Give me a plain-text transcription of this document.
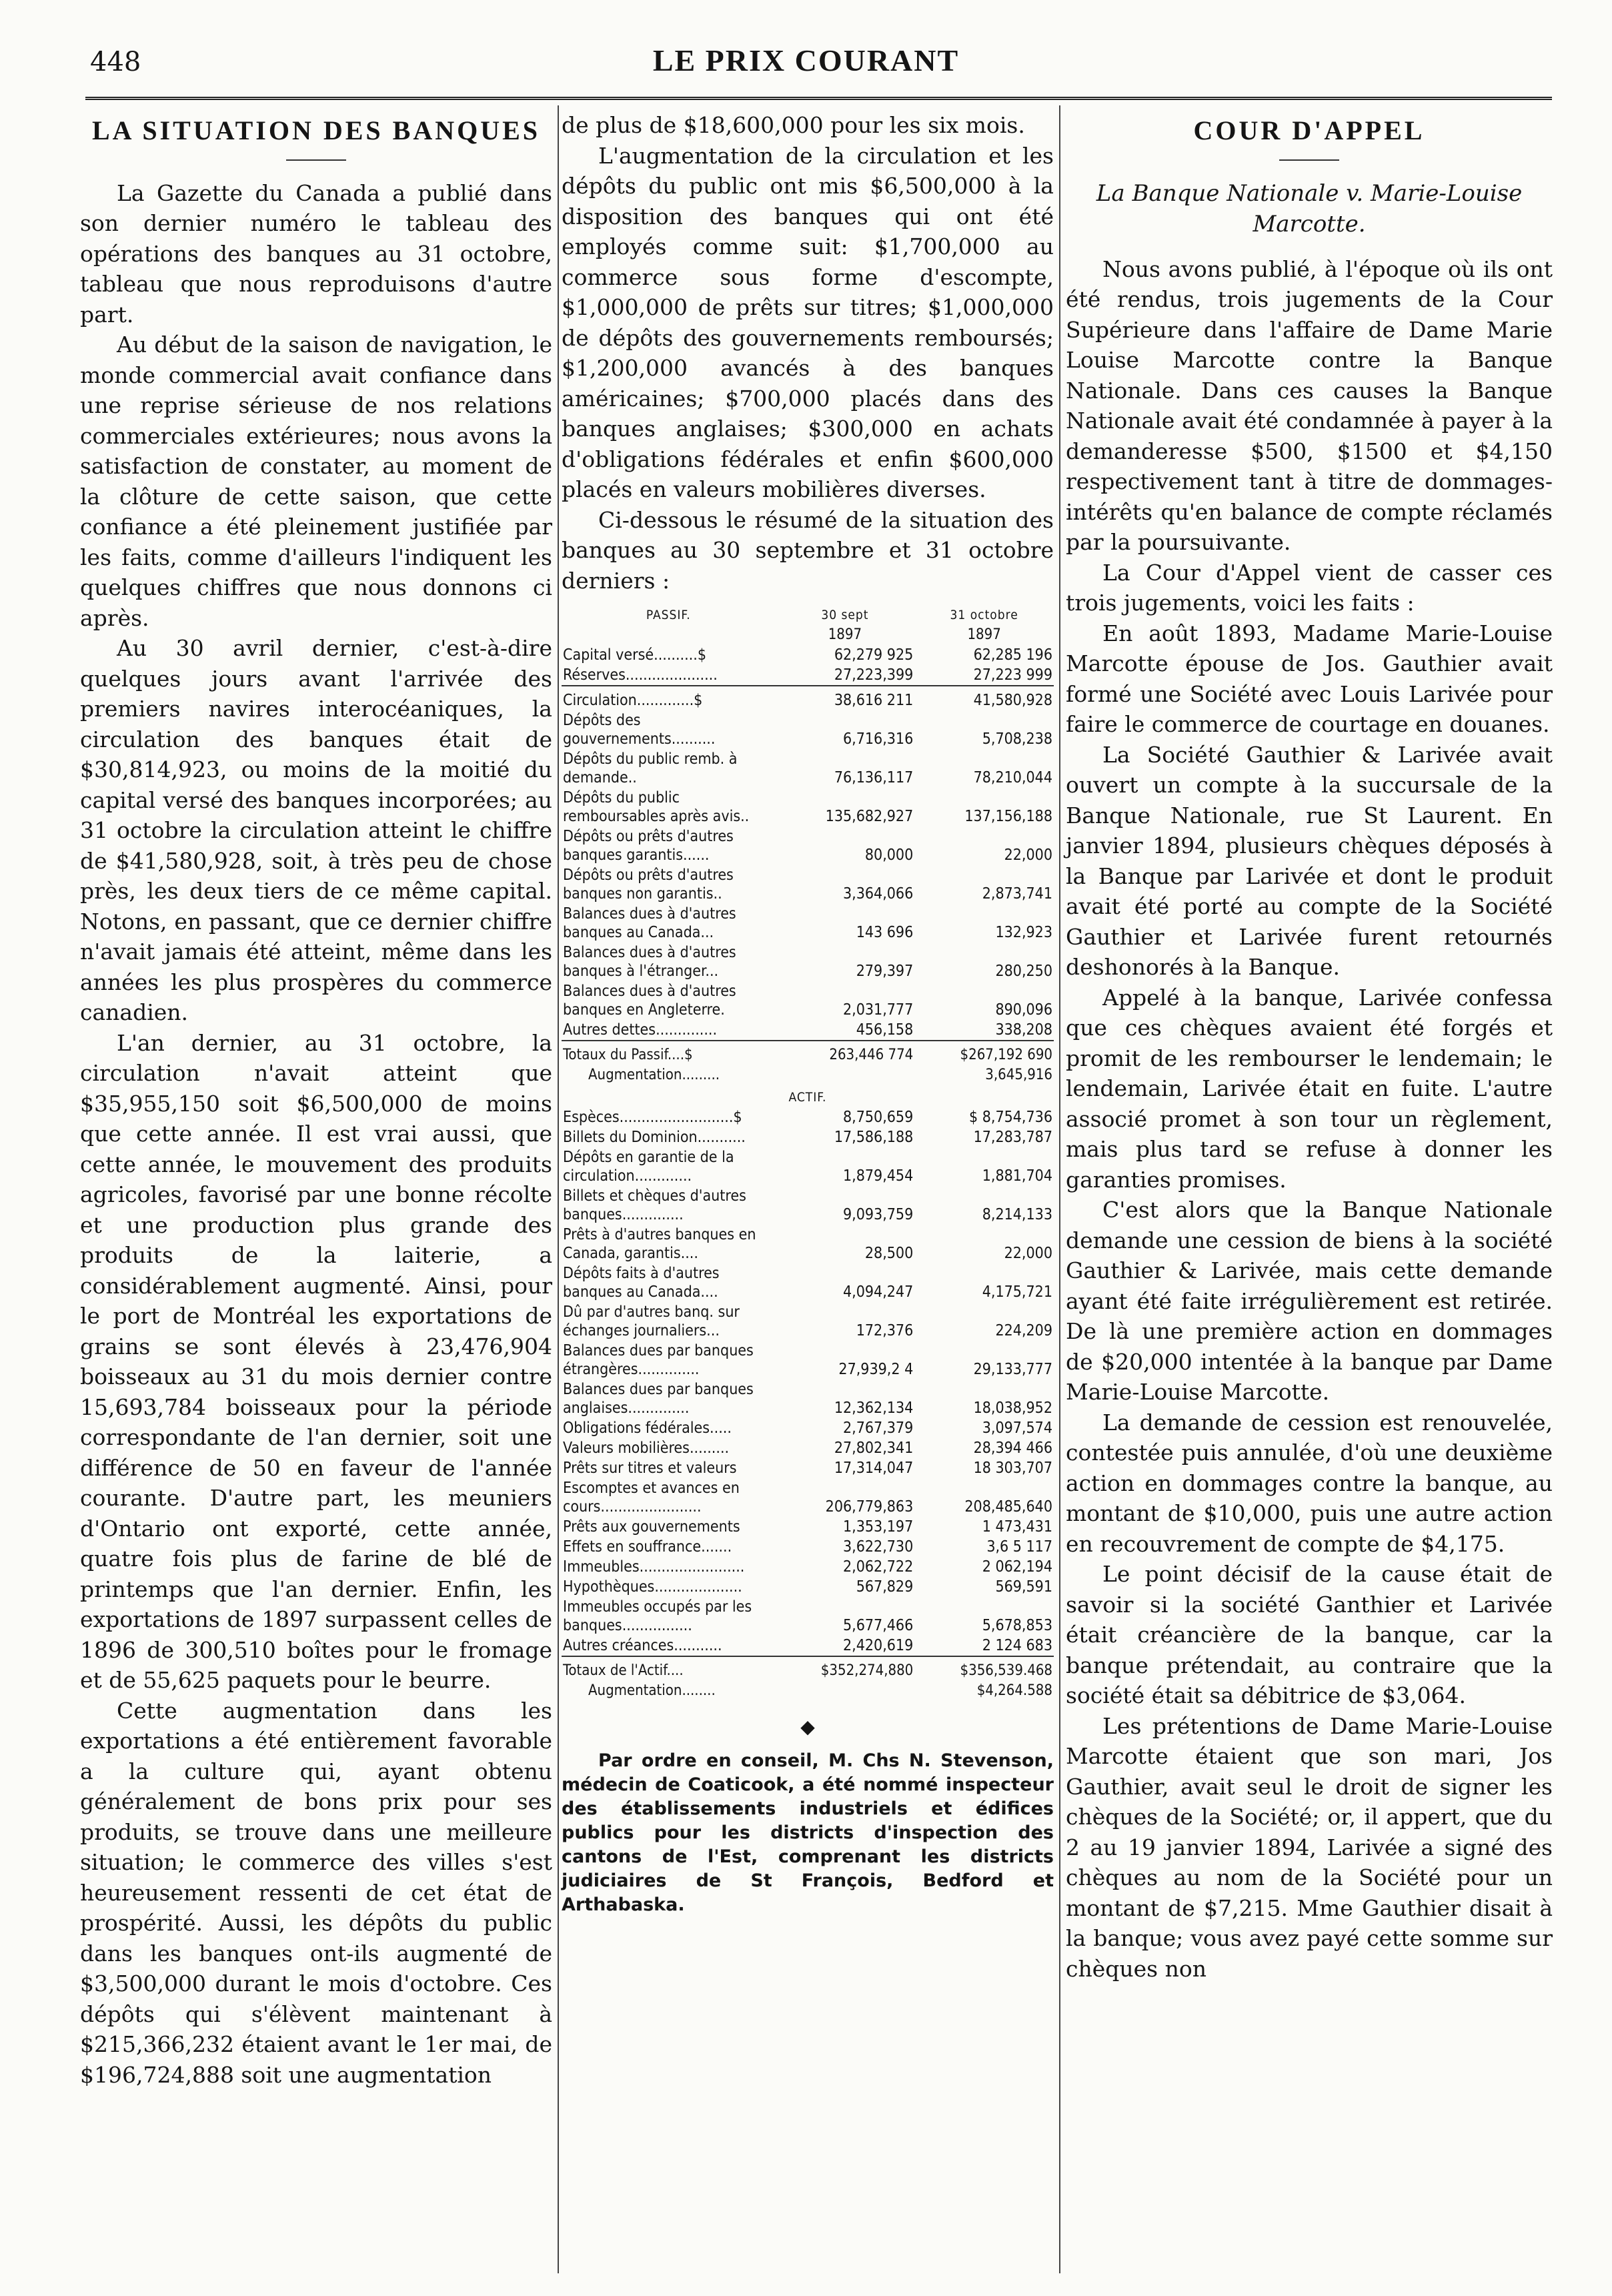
448	LE PRIX COURANT
LA SITUATION DES BANQUES

La Gazette du Canada a publié dans son dernier numéro le tableau des opérations des banques au 31 octobre, tableau que nous reproduisons d'autre part.

Au début de la saison de navigation, le monde commercial avait confiance dans une reprise sérieuse de nos relations commerciales extérieures; nous avons la satisfaction de constater, au moment de la clôture de cette saison, que cette confiance a été pleinement justifiée par les faits, comme d'ailleurs l'indiquent les quelques chiffres que nous donnons ci après.

Au 30 avril dernier, c'est-à-dire quelques jours avant l'arrivée des premiers navires interocéaniques, la circulation des banques était de $30,814,923, ou moins de la moitié du capital versé des banques incorporées; au 31 octobre la circulation atteint le chiffre de $41,580,928, soit, à très peu de chose près, les deux tiers de ce même capital. Notons, en passant, que ce dernier chiffre n'avait jamais été atteint, même dans les années les plus prospères du commerce canadien.

L'an dernier, au 31 octobre, la circulation n'avait atteint que $35,955,150 soit $6,500,000 de moins que cette année. Il est vrai aussi, que cette année, le mouvement des produits agricoles, favorisé par une bonne récolte et une production plus grande des produits de la laiterie, a considérablement augmenté. Ainsi, pour le port de Montréal les exportations de grains se sont élevés à 23,476,904 boisseaux au 31 du mois dernier contre 15,693,784 boisseaux pour la période correspondante de l'an dernier, soit une différence de 50 en faveur de l'année courante. D'autre part, les meuniers d'Ontario ont exporté, cette année, quatre fois plus de farine de blé de printemps que l'an dernier. Enfin, les exportations de 1897 surpassent celles de 1896 de 300,510 boîtes pour le fromage et de 55,625 paquets pour le beurre.

Cette augmentation dans les exportations a été entièrement favorable a la culture qui, ayant obtenu généralement de bons prix pour ses produits, se trouve dans une meilleure situation; le commerce des villes s'est heureusement ressenti de cet état de prospérité. Aussi, les dépôts du public dans les banques ont-ils augmenté de $3,500,000 durant le mois d'octobre. Ces dépôts qui s'élèvent maintenant à $215,366,232 étaient avant le 1er mai, de $196,724,888 soit une augmentation

de plus de $18,600,000 pour les six mois.

L'augmentation de la circulation et les dépôts du public ont mis $6,500,000 à la disposition des banques qui ont été employés comme suit: $1,700,000 au commerce sous forme d'escompte, $1,000,000 de prêts sur titres; $1,000,000 de dépôts des gouvernements remboursés; $1,200,000 avancés à des banques américaines; $700,000 placés dans des banques anglaises; $300,000 en achats d'obligations fédérales et enfin $600,000 placés en valeurs mobilières diverses.

Ci-dessous le résumé de la situation des banques au 30 septembre et 31 octobre derniers :

PASSIF.	30 sept	31 octobre
	1897	1897
Capital versé..........$	62,279 925	62,285 196
Réserves.....................	27,223,399	27,223 999

Circulation.............$	38,616 211	41,580,928
Dépôts des gouvernements..........	6,716,316	5,708,238
Dépôts du public remb. à demande..	76,136,117	78,210,044
Dépôts du public remboursables après avis..	135,682,927	137,156,188
Dépôts ou prêts d'autres banques garantis......	80,000	22,000
Dépôts ou prêts d'autres banques non garantis..	3,364,066	2,873,741
Balances dues à d'autres banques au Canada...	143 696	132,923
Balances dues à d'autres banques à l'étranger...	279,397	280,250
Balances dues à d'autres banques en Angleterre.	2,031,777	890,096
Autres dettes..............	456,158	338,208

Totaux du Passif....$	263,446 774	$267,192 690
Augmentation.........		3,645,916
ACTIF.		
Espèces..........................$	8,750,659	$ 8,754,736
Billets du Dominion...........	17,586,188	17,283,787
Dépôts en garantie de la circulation.............	1,879,454	1,881,704
Billets et chèques d'autres banques..............	9,093,759	8,214,133
Prêts à d'autres banques en Canada, garantis....	28,500	22,000
Dépôts faits à d'autres banques au Canada....	4,094,247	4,175,721
Dû par d'autres banq. sur échanges journaliers...	172,376	224,209
Balances dues par banques étrangères..............	27,939,2 4	29,133,777
Balances dues par banques anglaises..............	12,362,134	18,038,952
Obligations fédérales.....	2,767,379	3,097,574
Valeurs mobilières.........	27,802,341	28,394 466
Prêts sur titres et valeurs	17,314,047	18 303,707
Escomptes et avances en cours.......................	206,779,863	208,485,640
Prêts aux gouvernements	1,353,197	1 473,431
Effets en souffrance.......	3,622,730	3,6 5 117
Immeubles........................	2,062,722	2 062,194
Hypothèques....................	567,829	569,591
Immeubles occupés par les banques................	5,677,466	5,678,853
Autres créances...........	2,420,619	2 124 683

Totaux de l'Actif....	$352,274,880	$356,539.468
Augmentation........		$4,264.588
◆

Par ordre en conseil, M. Chs N. Stevenson, médecin de Coaticook, a été nommé inspecteur des établissements industriels et édifices publics pour les districts d'inspection des cantons de l'Est, comprenant les districts judiciaires de St François, Bedford et Arthabaska.

COUR D'APPEL
La Banque Nationale v. Marie-Louise Marcotte.

Nous avons publié, à l'époque où ils ont été rendus, trois jugements de la Cour Supérieure dans l'affaire de Dame Marie Louise Marcotte contre la Banque Nationale. Dans ces causes la Banque Nationale avait été condamnée à payer à la demanderesse $500, $1500 et $4,150 respectivement tant à titre de dommages-intérêts qu'en balance de compte réclamés par la poursuivante.

La Cour d'Appel vient de casser ces trois jugements, voici les faits :

En août 1893, Madame Marie-Louise Marcotte épouse de Jos. Gauthier avait formé une Société avec Louis Larivée pour faire le commerce de courtage en douanes.

La Société Gauthier & Larivée avait ouvert un compte à la succursale de la Banque Nationale, rue St Laurent. En janvier 1894, plusieurs chèques déposés à la Banque par Larivée et dont le produit avait été porté au compte de la Société Gauthier et Larivée furent retournés deshonorés à la Banque.

Appelé à la banque, Larivée confessa que ces chèques avaient été forgés et promit de les rembourser le lendemain; le lendemain, Larivée était en fuite. L'autre associé promet à son tour un règlement, mais plus tard se refuse à donner les garanties promises.

C'est alors que la Banque Nationale demande une cession de biens à la société Gauthier & Larivée, mais cette demande ayant été faite irrégulièrement est retirée. De là une première action en dommages de $20,000 intentée à la banque par Dame Marie-Louise Marcotte.

La demande de cession est renouvelée, contestée puis annulée, d'où une deuxième action en dommages contre la banque, au montant de $10,000, puis une autre action en recouvrement de compte de $4,175.

Le point décisif de la cause était de savoir si la société Ganthier et Larivée était créancière de la banque, car la banque prétendait, au contraire que la société était sa débitrice de $3,064.

Les prétentions de Dame Marie-Louise Marcotte étaient que son mari, Jos Gauthier, avait seul le droit de signer les chèques de la Société; or, il appert, que du 2 au 19 janvier 1894, Larivée a signé des chèques au nom de la Société pour un montant de $7,215. Mme Gauthier disait à la banque; vous avez payé cette somme sur chèques non
